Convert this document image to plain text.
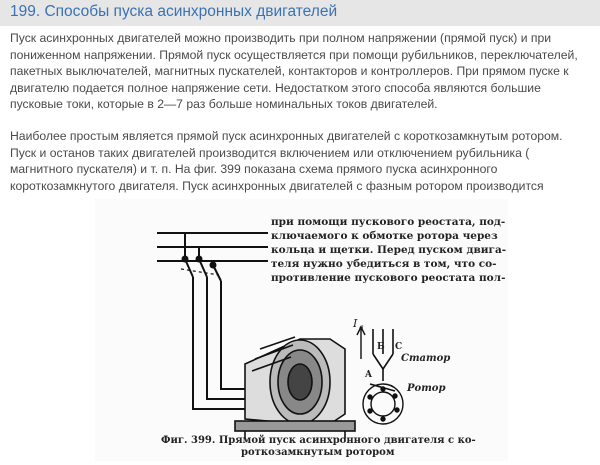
199. Способы пуска асинхронных двигателей

Пуск асинхронных двигателей можно производить при полном напряжении (прямой пуск) и при
пониженном напряжении. Прямой пуск осуществляется при помощи рубильников, переключателей,
пакетных выключателей, магнитных пускателей, контакторов и контроллеров. При прямом пуске к
двигателю подается полное напряжение сети. Недостатком этого способа являются большие
пусковые токи, которые в 2—7 раз больше номинальных токов двигателей.

Наиболее простым является прямой пуск асинхронных двигателей с короткозамкнутым ротором.
Пуск и останов таких двигателей производится включением или отключением рубильника (
магнитного пускателя) и т. п. На фиг. 399 показана схема прямого пуска асинхронного
короткозамкнутого двигателя. Пуск асинхронных двигателей с фазным ротором производится

при помощи пускового реостата, под-
ключаемого к обмотке ротора через
кольца и щетки. Перед пуском двига-
теля нужно убедиться в том, что со-
противление пускового реостата пол-
I a
A
Б С
Статор
Ротор
Фиг. 399. Прямой пуск асинхронного двигателя с ко-
роткозамкнутым ротором
